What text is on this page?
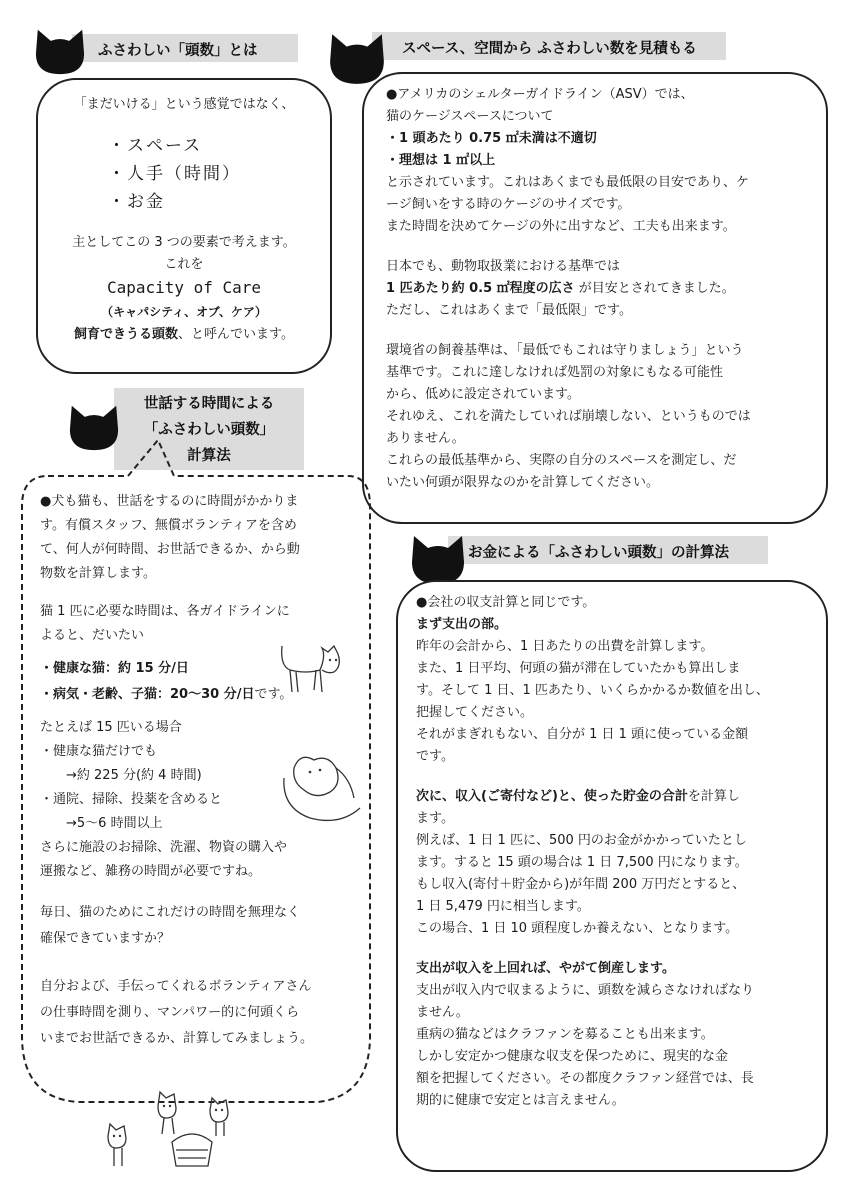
ふさわしい「頭数」とは
「まだいける」という感覚ではなく、
・スペース
・人手（時間）
・お金
主としてこの 3 つの要素で考えます。
これを
Capacity of Care
（キャパシティ、オブ、ケア）
飼育できうる頭数、と呼んでいます。
スペース、空間から ふさわしい数を見積もる

●アメリカのシェルターガイドライン（ASV）では、

猫のケージスペースについて

・1 頭あたり 0.75 ㎡未満は不適切

・理想は 1 ㎡以上

と示されています。これはあくまでも最低限の目安であり、ケ

ージ飼いをする時のケージのサイズです。

また時間を決めてケージの外に出すなど、工夫も出来ます。

日本でも、動物取扱業における基準では

1 匹あたり約 0.5 ㎡程度の広さ が目安とされてきました。

ただし、これはあくまで「最低限」です。

環境省の飼養基準は、「最低でもこれは守りましょう」という

基準です。これに達しなければ処罰の対象にもなる可能性

から、低めに設定されています。

それゆえ、これを満たしていれば崩壊しない、というものでは

ありません。

これらの最低基準から、実際の自分のスペースを測定し、だ

いたい何頭が限界なのかを計算してください。

世話する時間による
「ふさわしい頭数」
計算法

●犬も猫も、世話をするのに時間がかかりま

す。有償スタッフ、無償ボランティアを含め

て、何人が何時間、お世話できるか、から動

物数を計算します。

猫 1 匹に必要な時間は、各ガイドラインに

よると、だいたい

・健康な猫：約 15 分/日

・病気・老齢、子猫：20〜30 分/日です。

たとえば 15 匹いる場合

・健康な猫だけでも

　　→約 225 分(約 4 時間)

・通院、掃除、投薬を含めると

　　→5〜6 時間以上

さらに施設のお掃除、洗濯、物資の購入や

運搬など、雑務の時間が必要ですね。

毎日、猫のためにこれだけの時間を無理なく

確保できていますか？

自分および、手伝ってくれるボランティアさん

の仕事時間を測り、マンパワー的に何頭くら

いまでお世話できるか、計算してみましょう。

お金による「ふさわしい頭数」の計算法

●会社の収支計算と同じです。

まず支出の部。

昨年の会計から、1 日あたりの出費を計算します。

また、1 日平均、何頭の猫が滞在していたかも算出しま

す。そして 1 日、1 匹あたり、いくらかかるか数値を出し、

把握してください。

それがまぎれもない、自分が 1 日 1 頭に使っている金額

です。

次に、収入(ご寄付など)と、使った貯金の合計を計算し

ます。

例えば、1 日 1 匹に、500 円のお金がかかっていたとし

ます。すると 15 頭の場合は 1 日 7,500 円になります。

もし収入(寄付＋貯金から)が年間 200 万円だとすると、

1 日 5,479 円に相当します。

この場合、1 日 10 頭程度しか養えない、となります。

支出が収入を上回れば、やがて倒産します。

支出が収入内で収まるように、頭数を減らさなければなり

ません。

重病の猫などはクラファンを募ることも出来ます。

しかし安定かつ健康な収支を保つために、現実的な金

額を把握してください。その都度クラファン経営では、長

期的に健康で安定とは言えません。
